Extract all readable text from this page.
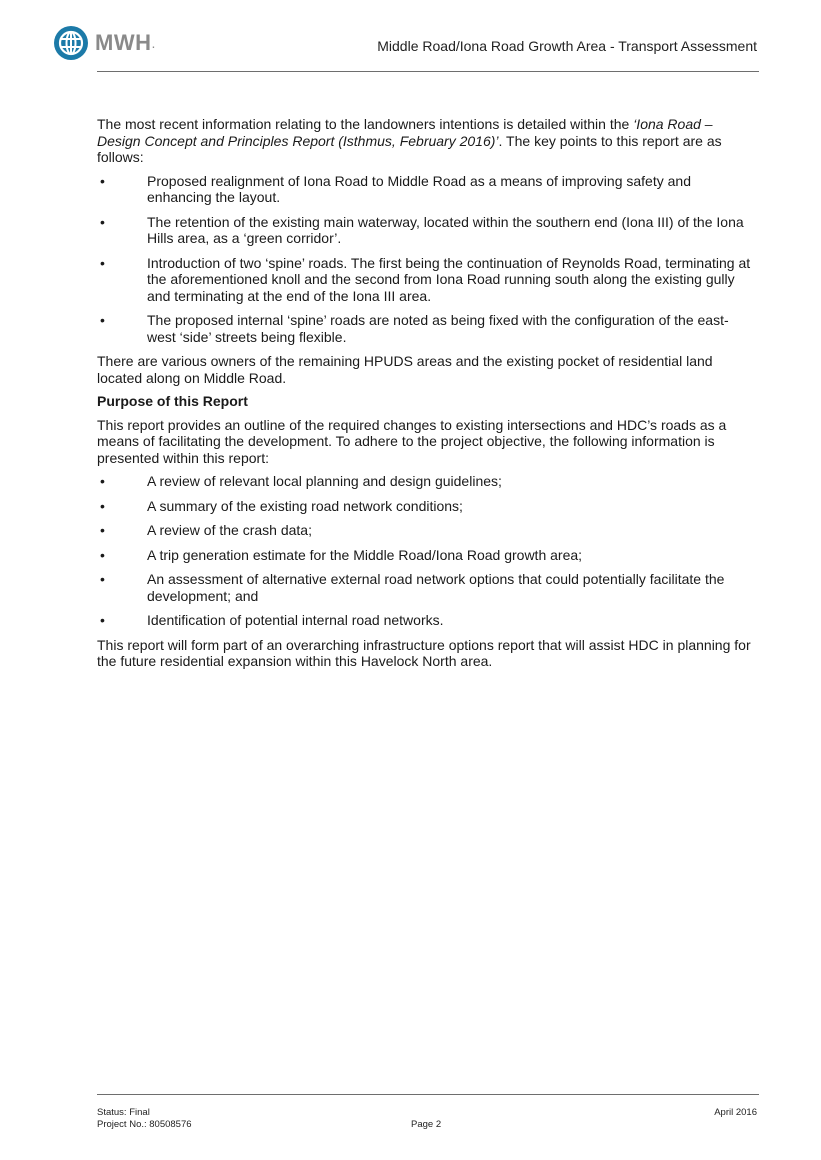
MWH .	Middle Road/Iona Road Growth Area - Transport Assessment

The most recent information relating to the landowners intentions is detailed within the ‘Iona Road – Design Concept and Principles Report (Isthmus, February 2016)’. The key points to this report are as follows:

•	Proposed realignment of Iona Road to Middle Road as a means of improving safety and enhancing the layout.
•	The retention of the existing main waterway, located within the southern end (Iona III) of the Iona Hills area, as a ‘green corridor’.
•	Introduction of two ‘spine’ roads. The first being the continuation of Reynolds Road, terminating at the aforementioned knoll and the second from Iona Road running south along the existing gully and terminating at the end of the Iona III area.
•	The proposed internal ‘spine’ roads are noted as being fixed with the configuration of the east-west ‘side’ streets being flexible.

There are various owners of the remaining HPUDS areas and the existing pocket of residential land located along on Middle Road.

Purpose of this Report

This report provides an outline of the required changes to existing intersections and HDC’s roads as a means of facilitating the development. To adhere to the project objective, the following information is presented within this report:

•	A review of relevant local planning and design guidelines;
•	A summary of the existing road network conditions;
•	A review of the crash data;
•	A trip generation estimate for the Middle Road/Iona Road growth area;
•	An assessment of alternative external road network options that could potentially facilitate the development; and
•	Identification of potential internal road networks.

This report will form part of an overarching infrastructure options report that will assist HDC in planning for the future residential expansion within this Havelock North area.

Status: Final
Project No.: 80508576	Page 2
April 2016
